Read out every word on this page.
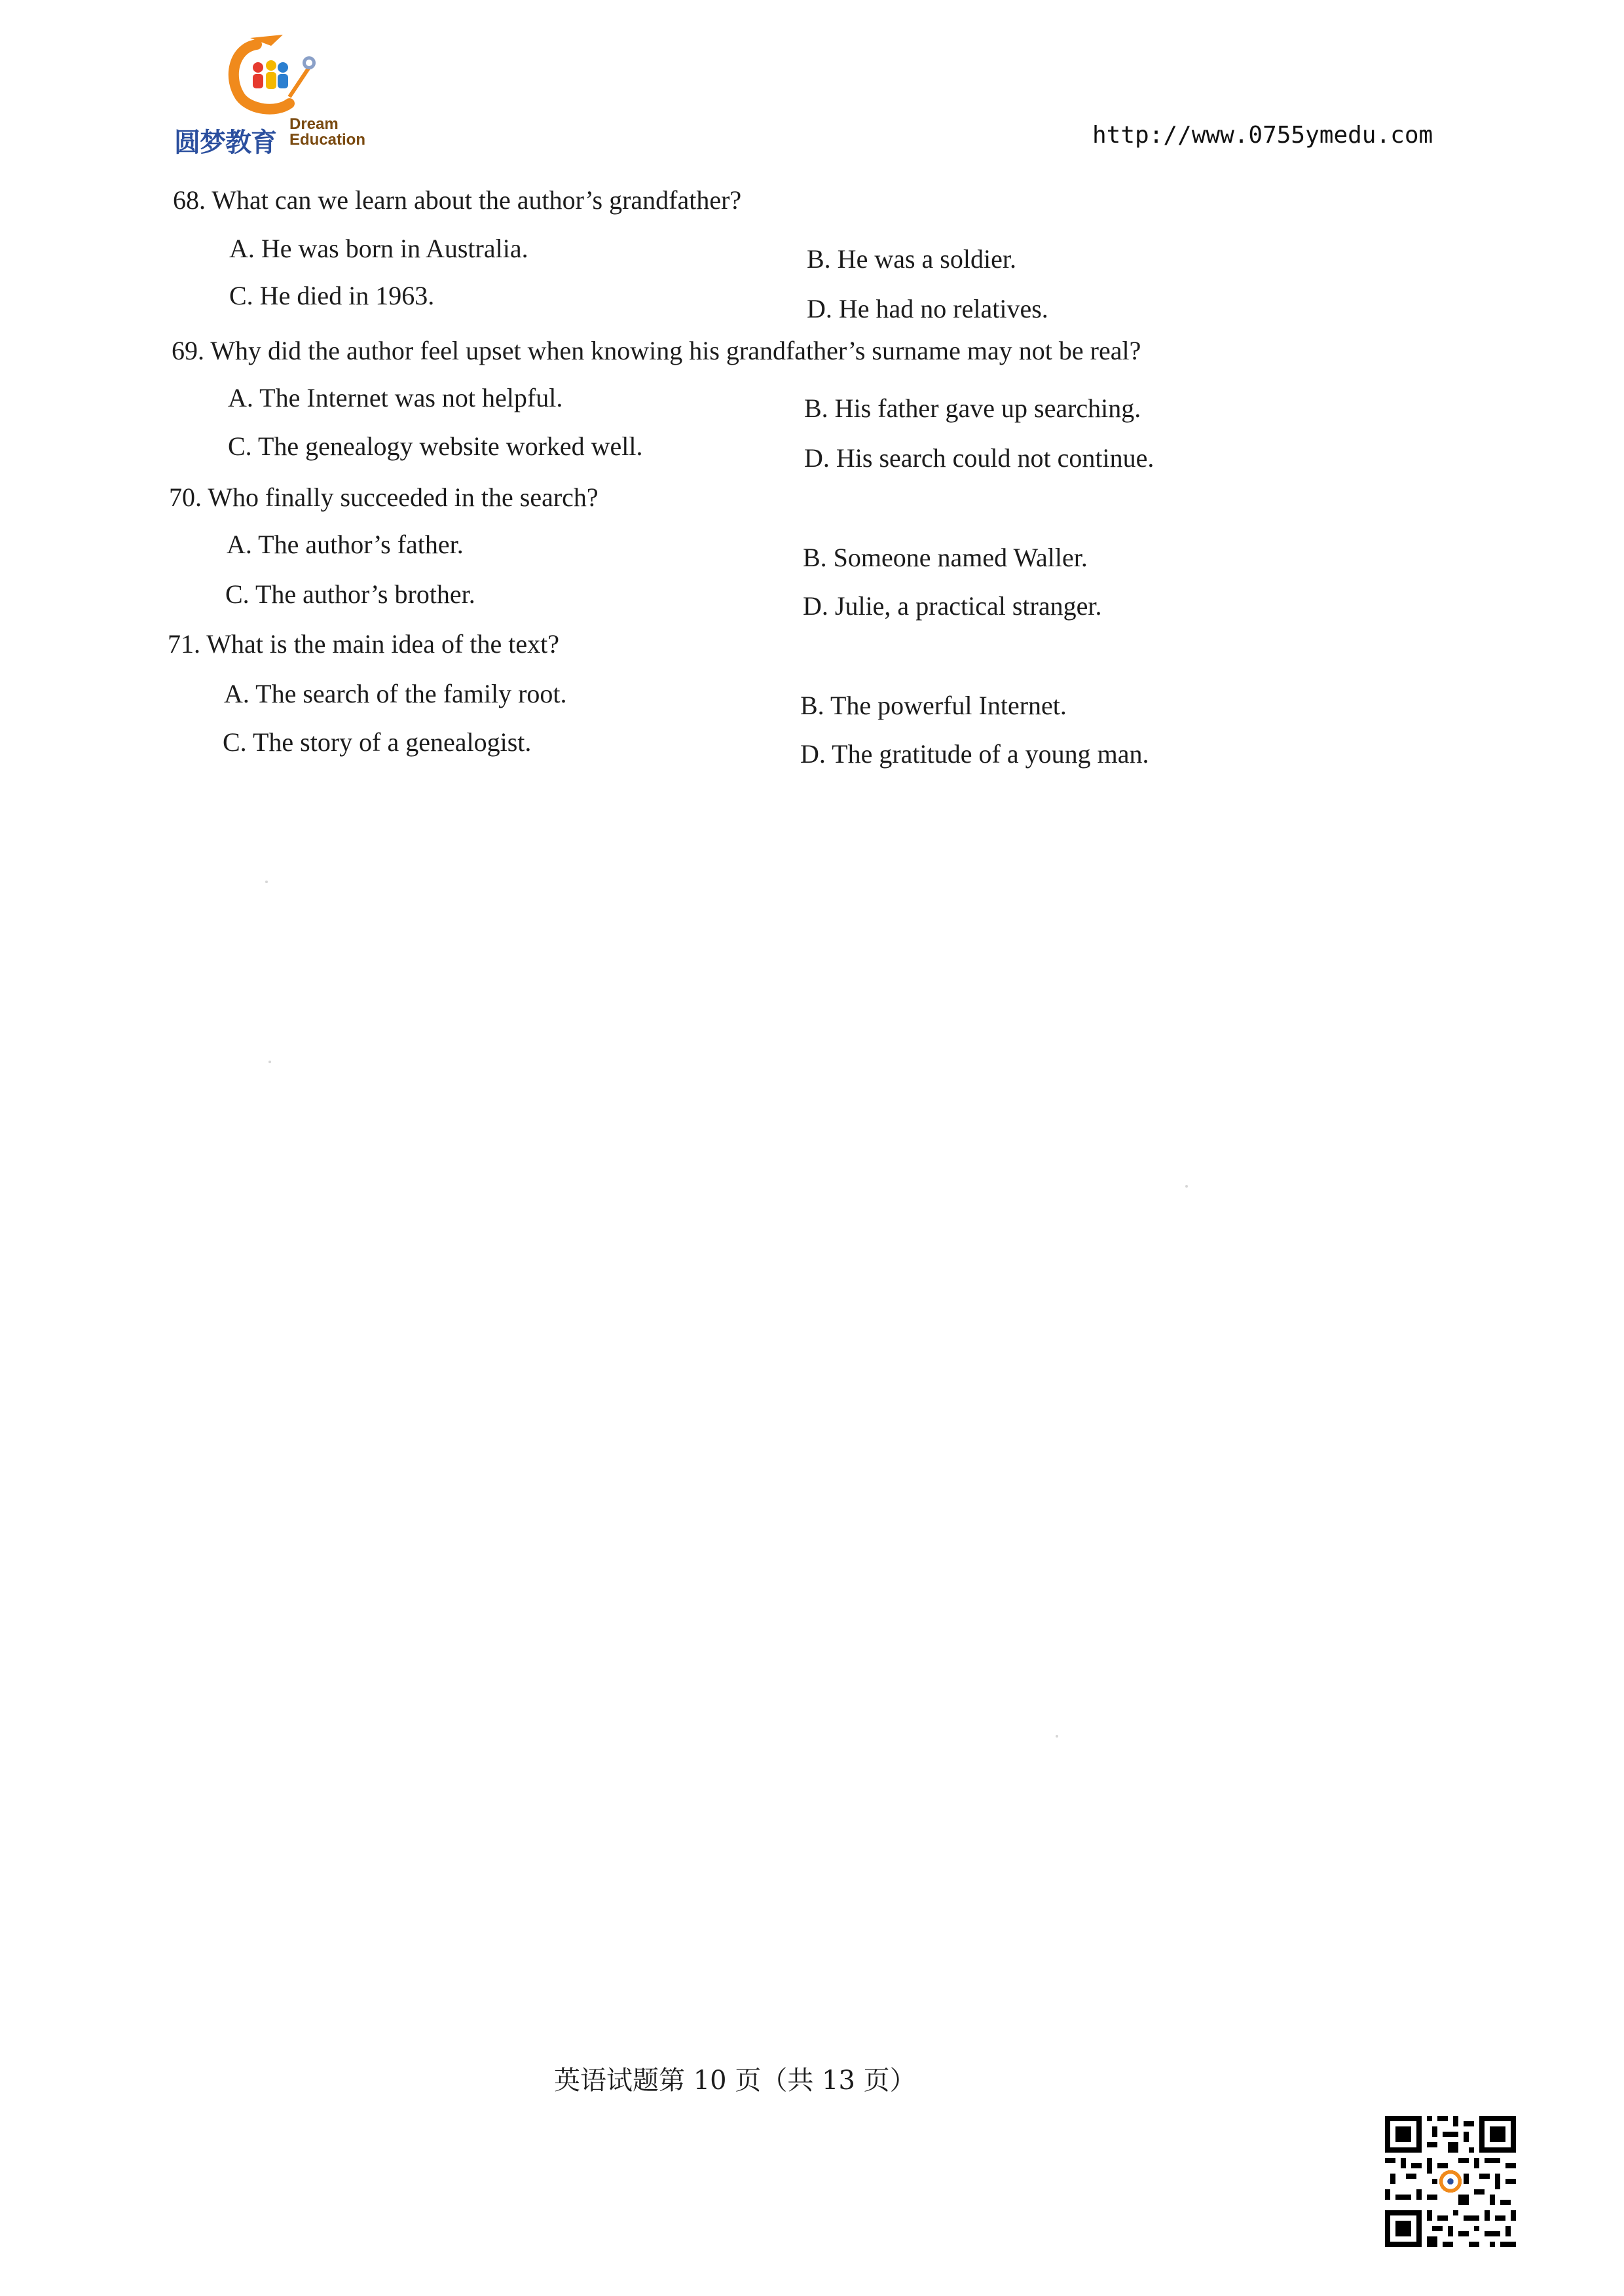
圆梦教育
Dream
Education	http://www.0755ymedu.com
68. What can we learn about the author’s grandfather?
A. He was born in Australia.	B. He was a soldier.
C. He died in 1963.	D. He had no relatives.
69. Why did the author feel upset when knowing his grandfather’s surname may not be real?
A. The Internet was not helpful.	B. His father gave up searching.
C. The genealogy website worked well.	D. His search could not continue.
70. Who finally succeeded in the search?
A. The author’s father.	B. Someone named Waller.
C. The author’s brother.	D. Julie, a practical stranger.
71. What is the main idea of the text?
A. The search of the family root.	B. The powerful Internet.
C. The story of a genealogist.	D. The gratitude of a young man.
英语试题第 10 页（共 13 页）
